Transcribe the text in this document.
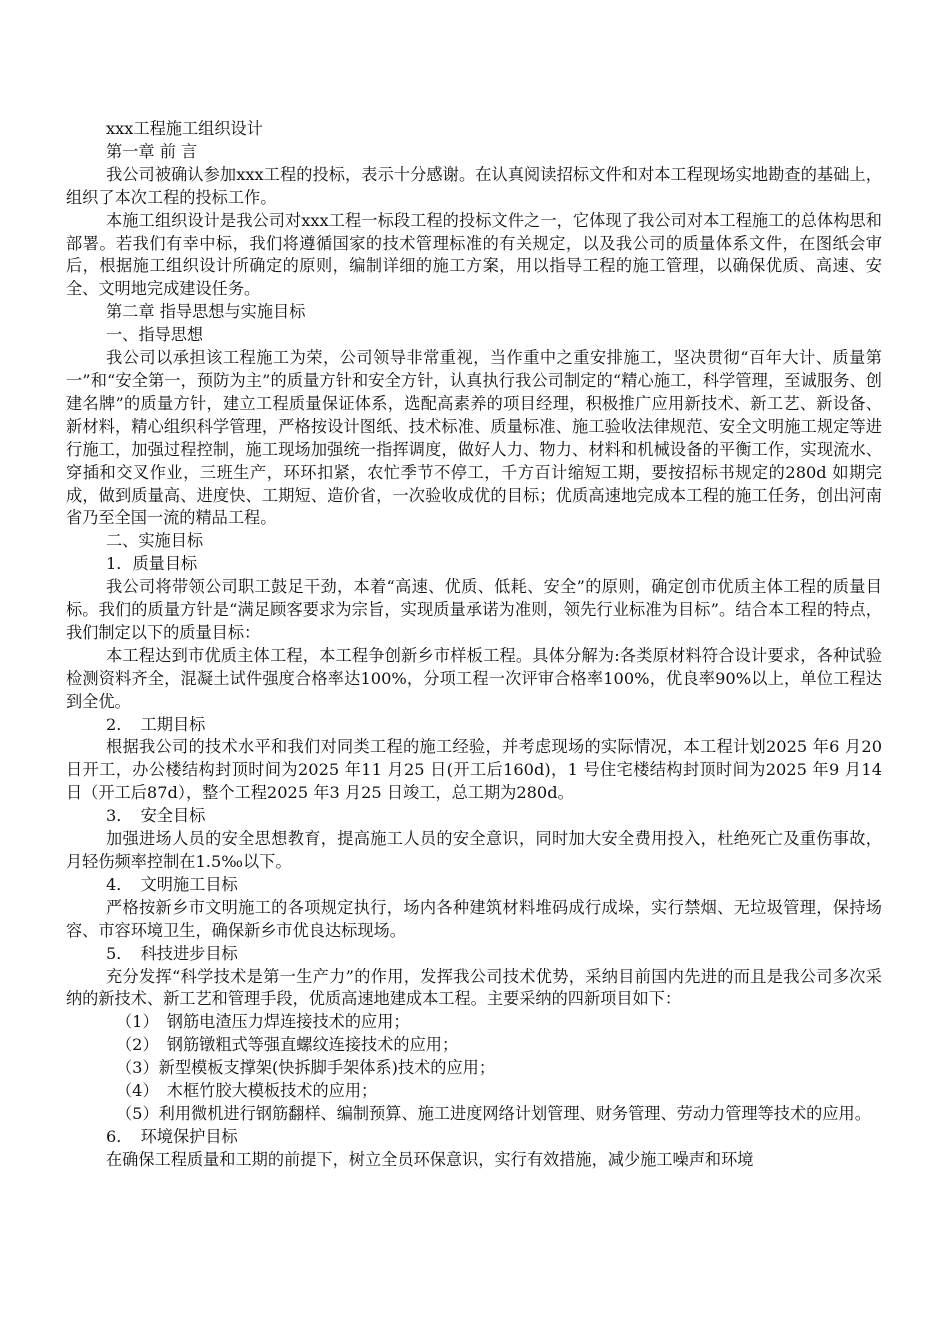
xxx工程施工组织设计

第一章 前 言

我公司被确认参加xxx工程的投标，表示十分感谢。在认真阅读招标文件和对本工程现场实地勘查的基础上，组织了本次工程的投标工作。

本施工组织设计是我公司对xxx工程一标段工程的投标文件之一，它体现了我公司对本工程施工的总体构思和部署。若我们有幸中标，我们将遵循国家的技术管理标准的有关规定，以及我公司的质量体系文件，在图纸会审后，根据施工组织设计所确定的原则，编制详细的施工方案，用以指导工程的施工管理，以确保优质、高速、安全、文明地完成建设任务。

第二章 指导思想与实施目标

一、指导思想

我公司以承担该工程施工为荣，公司领导非常重视，当作重中之重安排施工，坚决贯彻“百年大计、质量第一”和“安全第一，预防为主”的质量方针和安全方针，认真执行我公司制定的“精心施工，科学管理，至诚服务、创建名牌”的质量方针，建立工程质量保证体系，选配高素养的项目经理，积极推广应用新技术、新工艺、新设备、新材料，精心组织科学管理，严格按设计图纸、技术标准、质量标准、施工验收法律规范、安全文明施工规定等进行施工，加强过程控制，施工现场加强统一指挥调度，做好人力、物力、材料和机械设备的平衡工作，实现流水、穿插和交叉作业，三班生产，环环扣紧，农忙季节不停工，千方百计缩短工期，要按招标书规定的280d 如期完成，做到质量高、进度快、工期短、造价省，一次验收成优的目标；优质高速地完成本工程的施工任务，创出河南省乃至全国一流的精品工程。

二、实施目标

1．质量目标

我公司将带领公司职工鼓足干劲，本着“高速、优质、低耗、安全”的原则，确定创市优质主体工程的质量目标。我们的质量方针是“满足顾客要求为宗旨，实现质量承诺为准则，领先行业标准为目标”。结合本工程的特点，我们制定以下的质量目标：

本工程达到市优质主体工程，本工程争创新乡市样板工程。具体分解为:各类原材料符合设计要求，各种试验检测资料齐全，混凝土试件强度合格率达100%，分项工程一次评审合格率100%，优良率90%以上，单位工程达到全优。

2．　工期目标

根据我公司的技术水平和我们对同类工程的施工经验，并考虑现场的实际情况，本工程计划2025 年6 月20 日开工，办公楼结构封顶时间为2025 年11 月25 日(开工后160d)，1 号住宅楼结构封顶时间为2025 年9 月14 日（开工后87d），整个工程2025 年3 月25 日竣工，总工期为280d。

3．　安全目标

加强进场人员的安全思想教育，提高施工人员的安全意识，同时加大安全费用投入，杜绝死亡及重伤事故，月轻伤频率控制在1.5‰以下。

4．　文明施工目标

严格按新乡市文明施工的各项规定执行，场内各种建筑材料堆码成行成垛，实行禁烟、无垃圾管理，保持场容、市容环境卫生，确保新乡市优良达标现场。

5．　科技进步目标

充分发挥“科学技术是第一生产力”的作用，发挥我公司技术优势，采纳目前国内先进的而且是我公司多次采纳的新技术、新工艺和管理手段，优质高速地建成本工程。主要采纳的四新项目如下：

（1）　钢筋电渣压力焊连接技术的应用；

（2）　钢筋镦粗式等强直螺纹连接技术的应用；

（3）新型模板支撑架(快拆脚手架体系)技术的应用；

（4）　木框竹胶大模板技术的应用；

（5）利用微机进行钢筋翻样、编制预算、施工进度网络计划管理、财务管理、劳动力管理等技术的应用。

6．　环境保护目标

在确保工程质量和工期的前提下，树立全员环保意识，实行有效措施，减少施工噪声和环境
